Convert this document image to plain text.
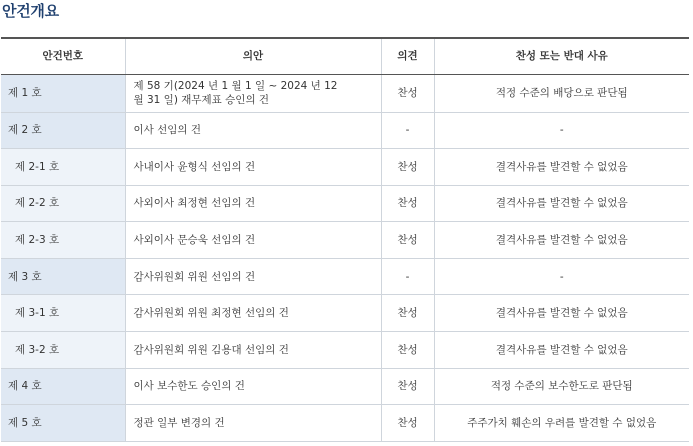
안건개요
안건번호	의안	의견	찬성 또는 반대 사유
제 1 호	제 58 기(2024 년 1 월 1 일 ~ 2024 년 12 월 31 일) 재무제표 승인의 건	찬성	적정 수준의 배당으로 판단됨
제 2 호	이사 선임의 건	-	-
제 2-1 호	사내이사 윤형식 선임의 건	찬성	결격사유를 발견할 수 없었음
제 2-2 호	사외이사 최정현 선임의 건	찬성	결격사유를 발견할 수 없었음
제 2-3 호	사외이사 문승욱 선임의 건	찬성	결격사유를 발견할 수 없었음
제 3 호	감사위원회 위원 선임의 건	-	-
제 3-1 호	감사위원회 위원 최정현 선임의 건	찬성	결격사유를 발견할 수 없었음
제 3-2 호	감사위원회 위원 김용대 선임의 건	찬성	결격사유를 발견할 수 없었음
제 4 호	이사 보수한도 승인의 건	찬성	적정 수준의 보수한도로 판단됨
제 5 호	정관 일부 변경의 건	찬성	주주가치 훼손의 우려를 발견할 수 없었음
